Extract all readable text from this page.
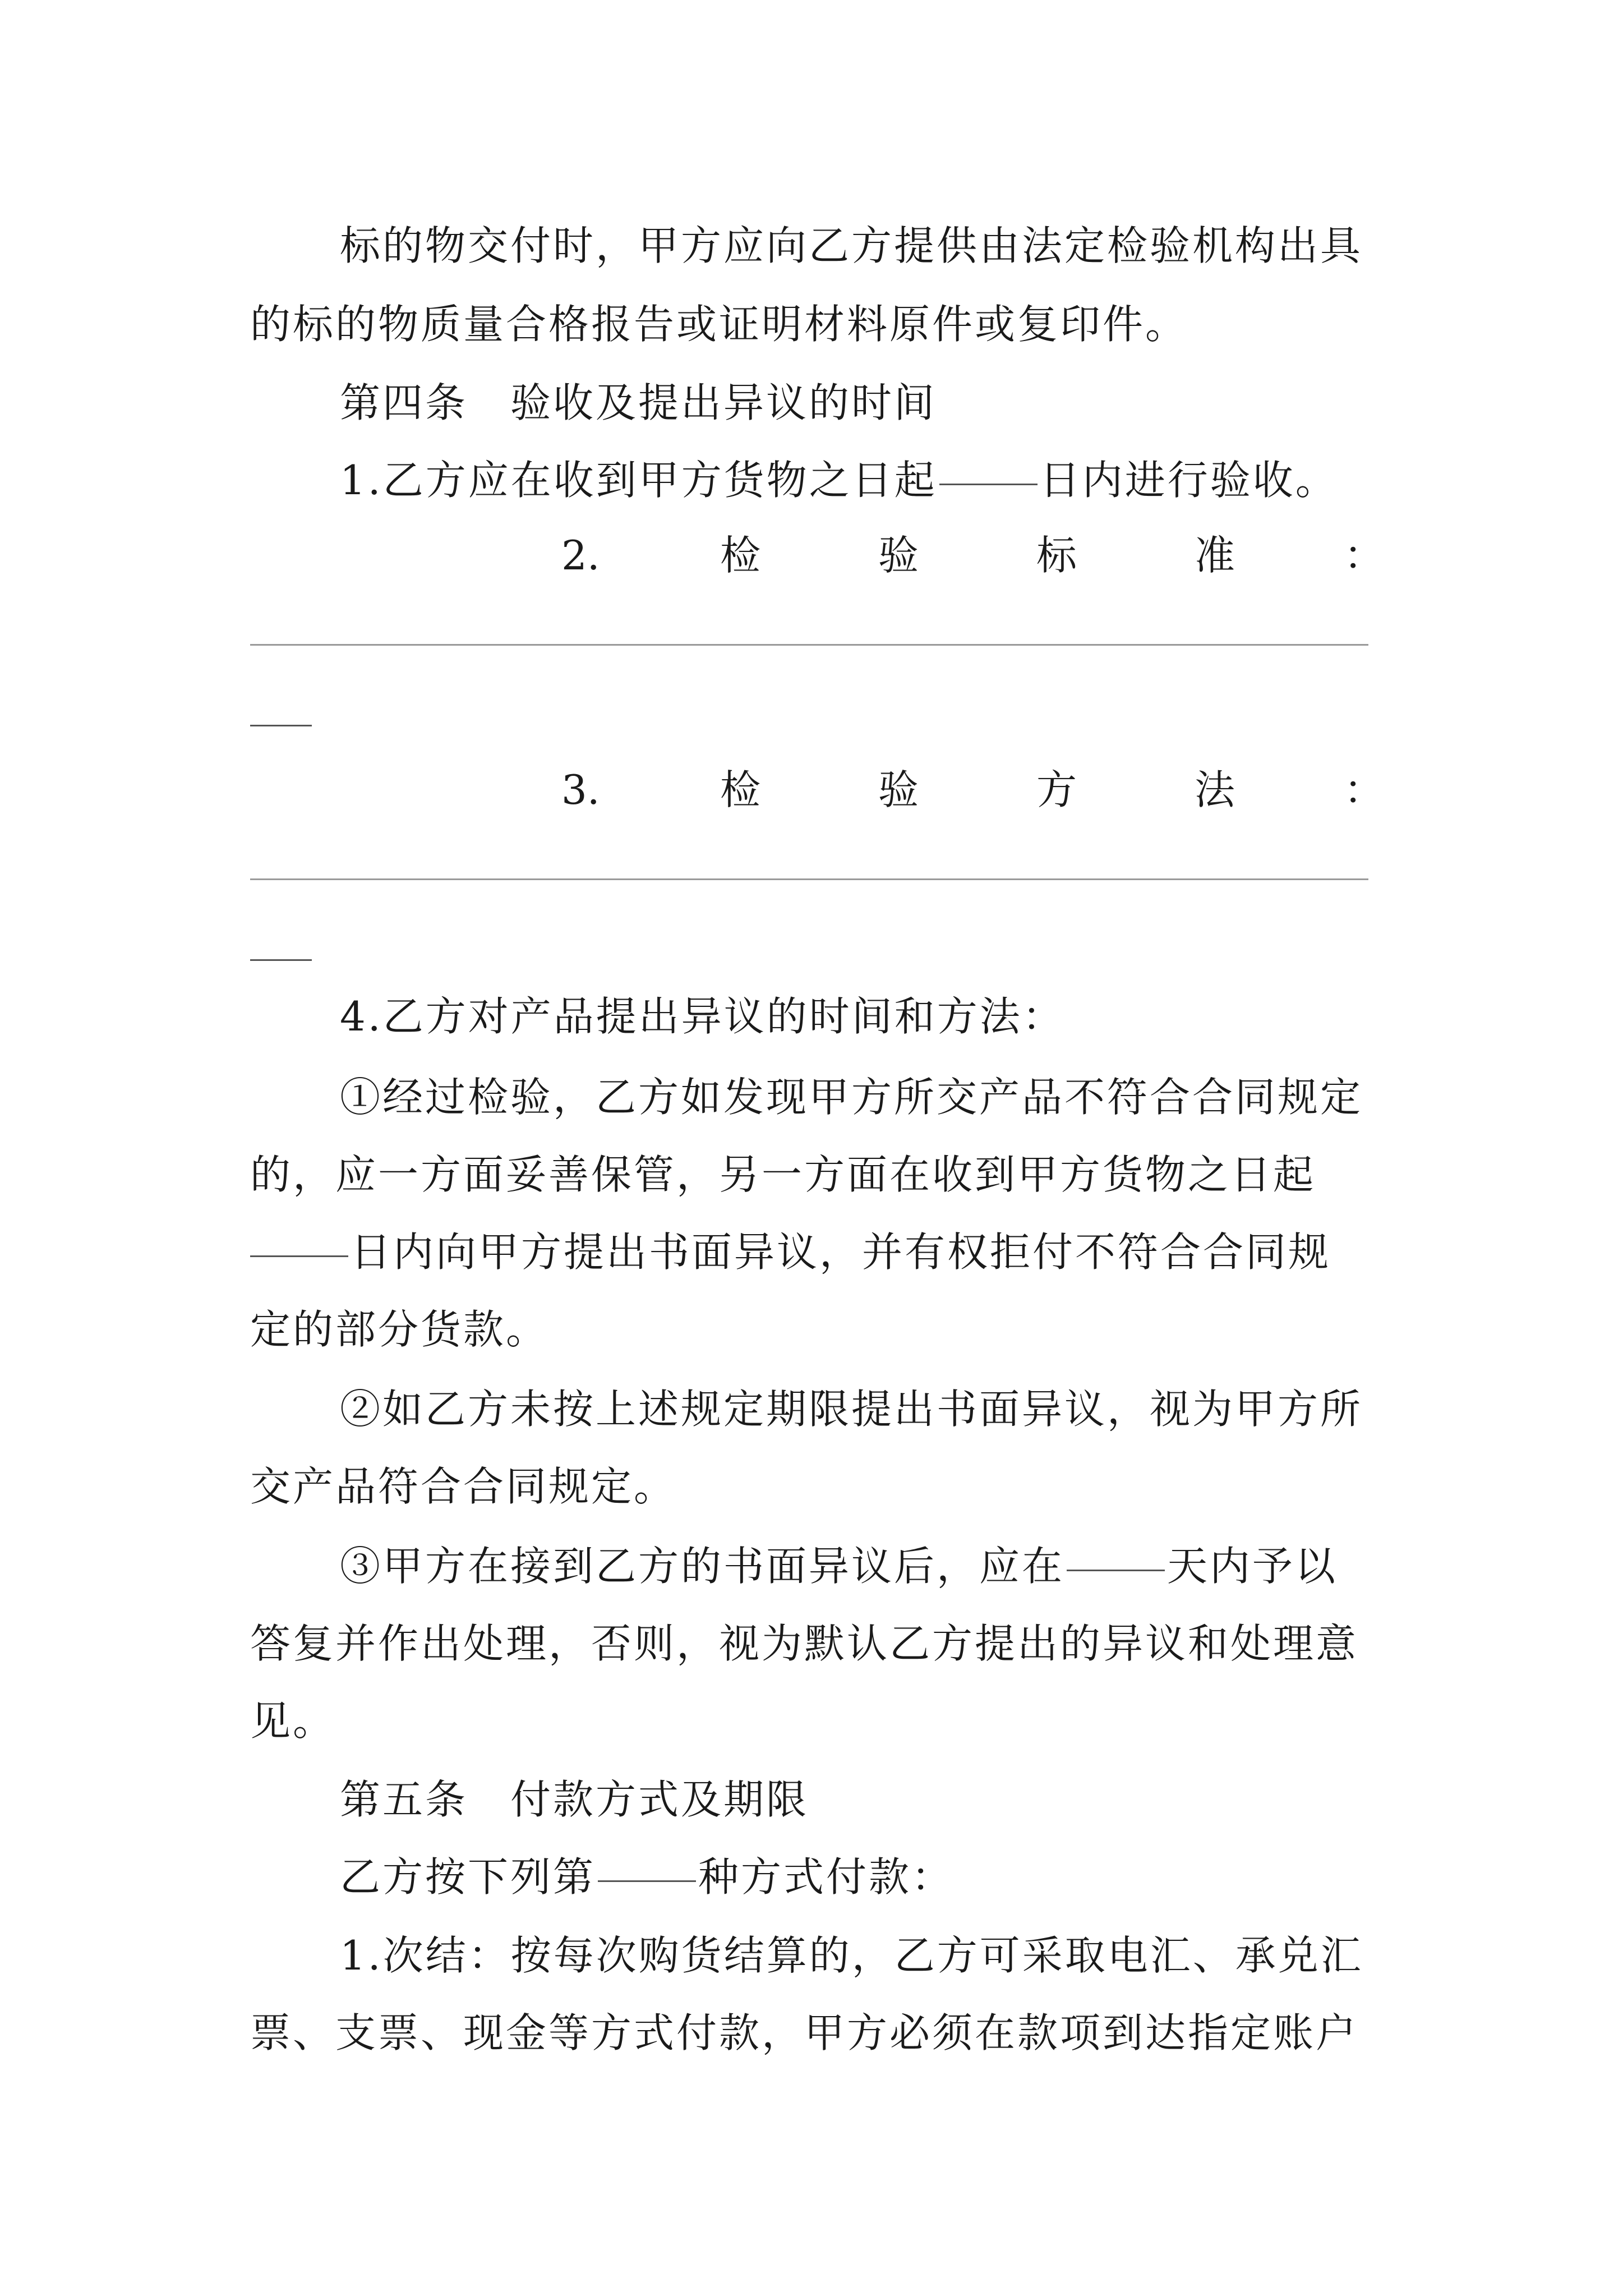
标的物交付时，甲方应向乙方提供由法定检验机构出具
的标的物质量合格报告或证明材料原件或复印件。
第四条　验收及提出异议的时间
1.乙方应在收到甲方货物之日起	日内进行验收。
2.	检	验	标	准	：
3.	检	验	方	法	：
4.乙方对产品提出异议的时间和方法：
①经过检验，乙方如发现甲方所交产品不符合合同规定
的，应一方面妥善保管，另一方面在收到甲方货物之日起
日内向甲方提出书面异议，并有权拒付不符合合同规
定的部分货款。
②如乙方未按上述规定期限提出书面异议，视为甲方所
交产品符合合同规定。
③甲方在接到乙方的书面异议后，应在	天内予以
答复并作出处理，否则，视为默认乙方提出的异议和处理意
见。
第五条　付款方式及期限
乙方按下列第	种方式付款：
1.次结：按每次购货结算的，乙方可采取电汇、承兑汇
票、支票、现金等方式付款，甲方必须在款项到达指定账户
